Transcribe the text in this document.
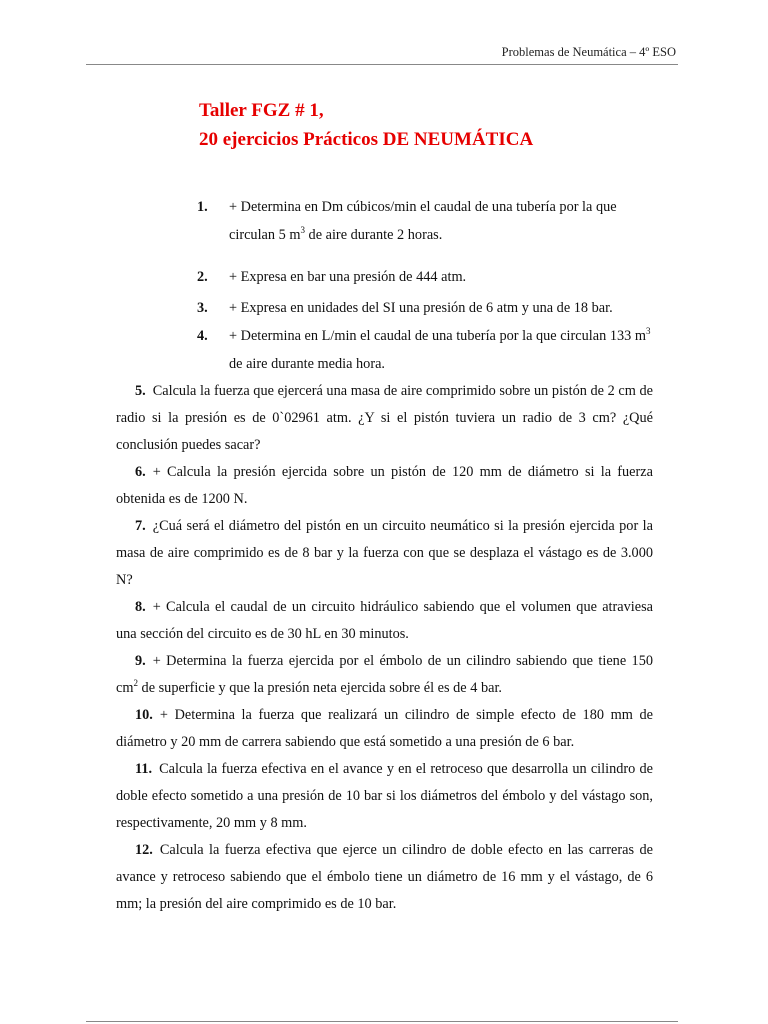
Problemas de Neumática – 4º ESO
Taller FGZ # 1,
20 ejercicios Prácticos DE NEUMÁTICA
1.	+ Determina en Dm cúbicos/min el caudal de una tubería por la que circulan 5 $m^3$ de aire durante 2 horas.
2.	+ Expresa en bar una presión de 444 atm.
3.	+ Expresa en unidades del SI una presión de 6 atm y una de 18 bar.
4.	+ Determina en L/min el caudal de una tubería por la que circulan 133 $m^3$ de aire durante media hora.
5. Calcula la fuerza que ejercerá una masa de aire comprimido sobre un pistón de 2 cm de radio si la presión es de 0`02961 atm. ¿Y si el pistón tuviera un radio de 3 cm? ¿Qué conclusión puedes sacar?
6. + Calcula la presión ejercida sobre un pistón de 120 mm de diámetro si la fuerza obtenida es de 1200 N.
7. ¿Cuá será el diámetro del pistón en un circuito neumático si la presión ejercida por la masa de aire comprimido es de 8 bar y la fuerza con que se desplaza el vástago es de 3.000 N?
8. + Calcula el caudal de un circuito hidráulico sabiendo que el volumen que atraviesa una sección del circuito es de 30 hL en 30 minutos.
9. + Determina la fuerza ejercida por el émbolo de un cilindro sabiendo que tiene 150 $cm^2$ de superficie y que la presión neta ejercida sobre él es de 4 bar.
10. + Determina la fuerza que realizará un cilindro de simple efecto de 180 mm de diámetro y 20 mm de carrera sabiendo que está sometido a una presión de 6 bar.
11. Calcula la fuerza efectiva en el avance y en el retroceso que desarrolla un cilindro de doble efecto sometido a una presión de 10 bar si los diámetros del émbolo y del vástago son, respectivamente, 20 mm y 8 mm.
12. Calcula la fuerza efectiva que ejerce un cilindro de doble efecto en las carreras de avance y retroceso sabiendo que el émbolo tiene un diámetro de 16 mm y el vástago, de 6 mm; la presión del aire comprimido es de 10 bar.
